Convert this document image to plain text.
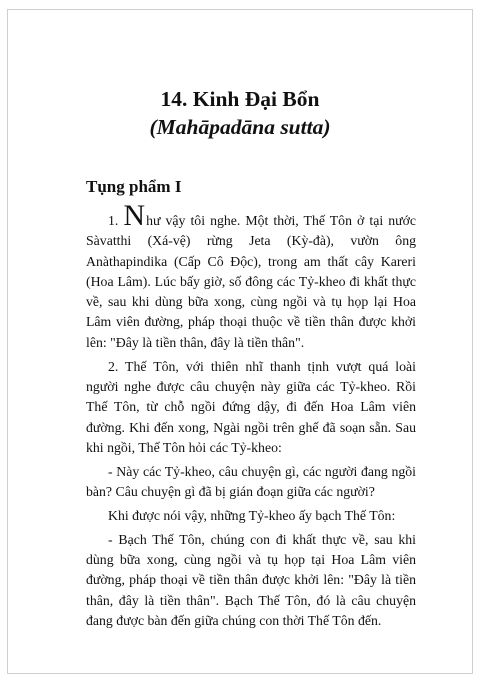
14. Kinh Đại Bổn
(Mahāpadāna sutta)
Tụng phẩm I

1. Như vậy tôi nghe. Một thời, Thế Tôn ở tại nước Sàvatthi (Xá-vệ) rừng Jeta (Kỳ-đà), vườn ông Anàthapindika (Cấp Cô Độc), trong am thất cây Kareri (Hoa Lâm). Lúc bấy giờ, số đông các Tỷ-kheo đi khất thực về, sau khi dùng bữa xong, cùng ngồi và tụ họp lại Hoa Lâm viên đường, pháp thoại thuộc về tiền thân được khởi lên: "Đây là tiền thân, đây là tiền thân".

2. Thế Tôn, với thiên nhĩ thanh tịnh vượt quá loài người nghe được câu chuyện này giữa các Tỷ-kheo. Rồi Thế Tôn, từ chỗ ngồi đứng dậy, đi đến Hoa Lâm viên đường. Khi đến xong, Ngài ngồi trên ghế đã soạn sẵn. Sau khi ngồi, Thế Tôn hỏi các Tỷ-kheo:

- Này các Tỷ-kheo, câu chuyện gì, các người đang ngồi bàn? Câu chuyện gì đã bị gián đoạn giữa các người?

Khi được nói vậy, những Tỷ-kheo ấy bạch Thế Tôn:

- Bạch Thế Tôn, chúng con đi khất thực về, sau khi dùng bữa xong, cùng ngồi và tụ họp tại Hoa Lâm viên đường, pháp thoại về tiền thân được khởi lên: "Đây là tiền thân, đây là tiền thân". Bạch Thế Tôn, đó là câu chuyện đang được bàn đến giữa chúng con thời Thế Tôn đến.
